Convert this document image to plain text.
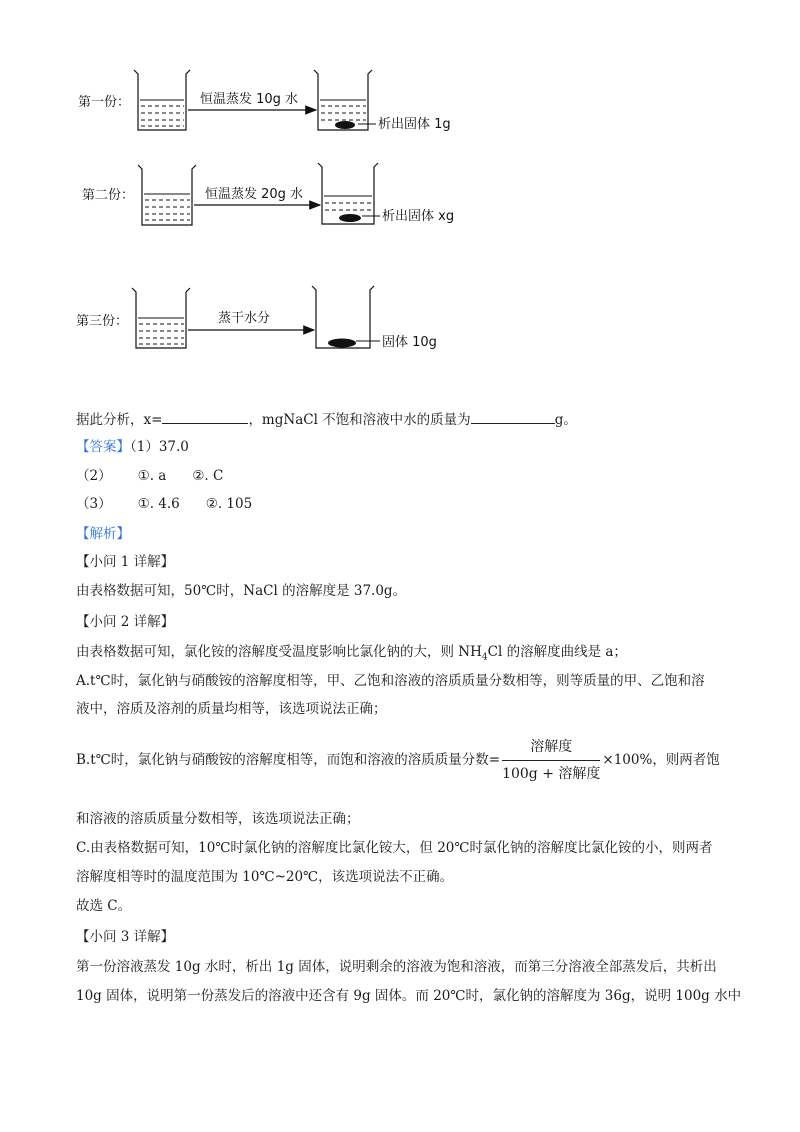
第一份：	恒温蒸发 10g 水
析出固体 1g
第二份：	恒温蒸发 20g 水
析出固体 xg
第三份：	蒸干水分
固体 10g
据此分析，x=	，mgNaCl 不饱和溶液中水的质量为	g。
【答案】（1）37.0
（2） ①. a ②. C
（3） ①. 4.6 ②. 105
【解析】
【小问 1 详解】
由表格数据可知，50℃时，NaCl 的溶解度是 37.0g。
【小问 2 详解】
由表格数据可知，氯化铵的溶解度受温度影响比氯化钠的大，则 $NH_4Cl$ 的溶解度曲线是 a；
A.t℃时，氯化钠与硝酸铵的溶解度相等，甲、乙饱和溶液的溶质质量分数相等，则等质量的甲、乙饱和溶
液中，溶质及溶剂的质量均相等，该选项说法正确；
B.t℃时，氯化钠与硝酸铵的溶解度相等，而饱和溶液的溶质质量分数= $\frac{\text{溶解度}}{\text{100g + 溶解度}} \times 100\%$，则两者饱
和溶液的溶质质量分数相等，该选项说法正确；
C.由表格数据可知，10℃时氯化钠的溶解度比氯化铵大，但 20℃时氯化钠的溶解度比氯化铵的小，则两者
溶解度相等时的温度范围为 10℃~20℃，该选项说法不正确。
故选 C。
【小问 3 详解】
第一份溶液蒸发 10g 水时，析出 1g 固体，说明剩余的溶液为饱和溶液，而第三分溶液全部蒸发后，共析出
10g 固体，说明第一份蒸发后的溶液中还含有 9g 固体。而 20℃时，氯化钠的溶解度为 36g，说明 100g 水中
